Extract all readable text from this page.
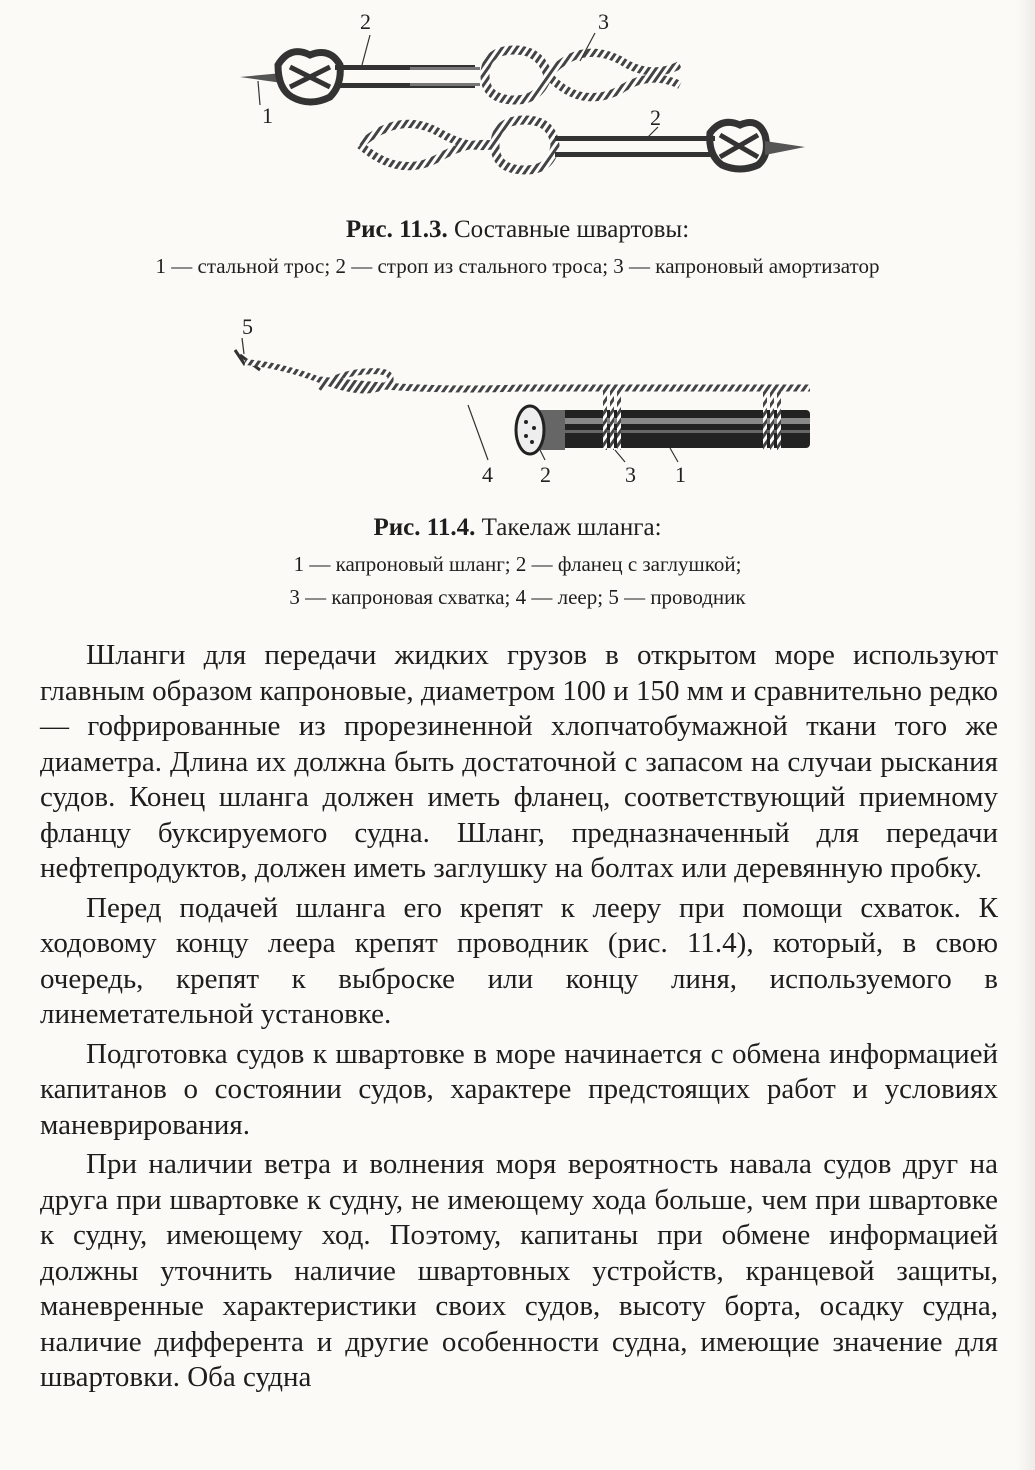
2	3
1	2
Рис. 11.3. Составные швартовы:
1 — стальной трос; 2 — строп из стального троса; 3 — капроновый амортизатор
5
4 2	3 1
Рис. 11.4. Такелаж шланга:
1 — капроновый шланг; 2 — фланец с заглушкой;
3 — капроновая схватка; 4 — леер; 5 — проводник

Шланги для передачи жидких грузов в открытом море используют главным образом капроновые, диаметром 100 и 150 мм и сравнительно редко — гофрированные из прорезиненной хлопчатобумажной ткани того же диаметра. Длина их должна быть достаточной с запасом на случаи рыскания судов. Конец шланга должен иметь фланец, соответствующий приемному фланцу буксируемого судна. Шланг, предназначенный для передачи нефтепродуктов, должен иметь заглушку на болтах или деревянную пробку.

Перед подачей шланга его крепят к лееру при помощи схваток. К ходовому концу леера крепят проводник (рис. 11.4), который, в свою очередь, крепят к выброске или концу линя, используемого в линеметательной установке.

Подготовка судов к швартовке в море начинается с обмена информацией капитанов о состоянии судов, характере предстоящих работ и условиях маневрирования.

При наличии ветра и волнения моря вероятность навала судов друг на друга при швартовке к судну, не имеющему хода больше, чем при швартовке к судну, имеющему ход. Поэтому, капитаны при обмене информацией должны уточнить наличие швартовных устройств, кранцевой защиты, маневренные характеристики своих судов, высоту борта, осадку судна, наличие дифферента и другие особенности судна, имеющие значение для швартовки. Оба судна
